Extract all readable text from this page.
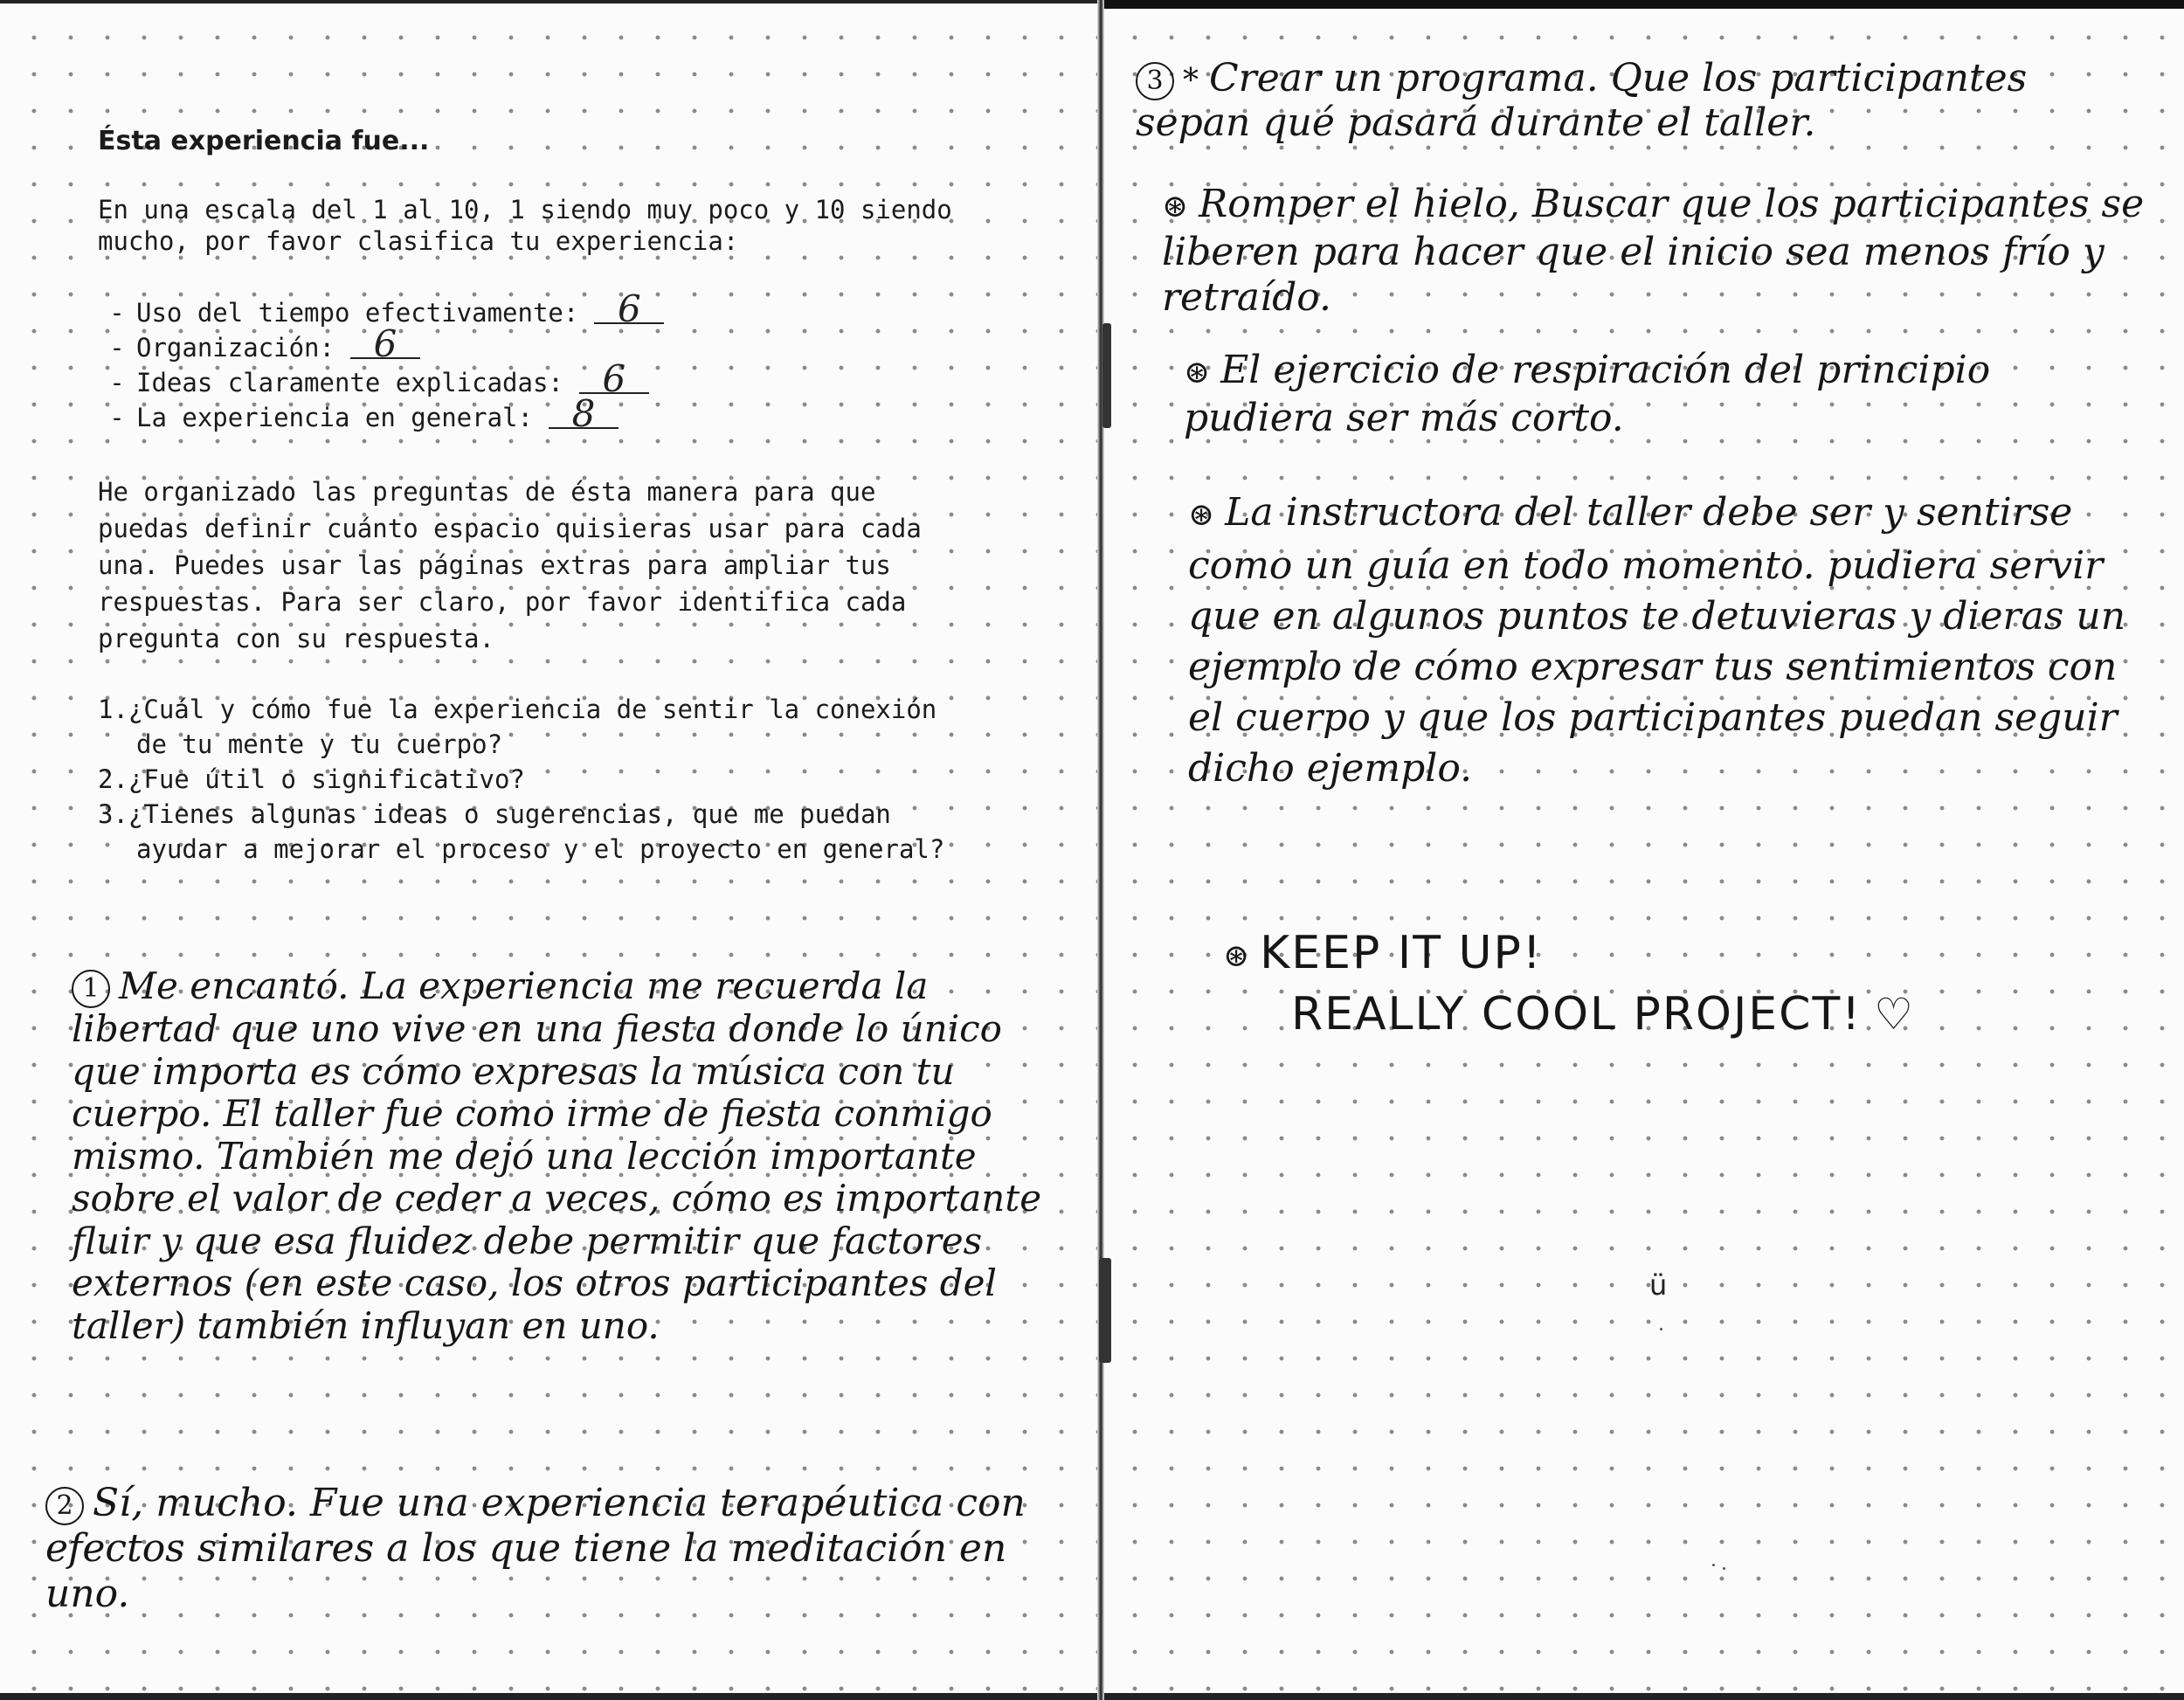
Ésta experiencia fue...
En una escala del 1 al 10, 1 siendo muy poco y 10 siendo mucho, por favor clasifica tu experiencia:
- Uso del tiempo efectivamente: 6
- Organización: 6
- Ideas claramente explicadas: 6
- La experiencia en general: 8
He organizado las preguntas de ésta manera para que puedas definir cuánto espacio quisieras usar para cada una. Puedes usar las páginas extras para ampliar tus respuestas. Para ser claro, por favor identifica cada pregunta con su respuesta.
1.¿Cuál y cómo fue la experiencia de sentir la conexión de tu mente y tu cuerpo?
2.¿Fue útil o significativo?
3.¿Tienes algunas ideas o sugerencias, que me puedan ayudar a mejorar el proceso y el proyecto en general?
1 Me encantó. La experiencia me recuerda la libertad que uno vive en una fiesta donde lo único que importa es cómo expresas la música con tu cuerpo. El taller fue como irme de fiesta conmigo mismo. También me dejó una lección importante sobre el valor de ceder a veces, cómo es importante fluir y que esa fluidez debe permitir que factores externos (en este caso, los otros participantes del taller) también influyan en uno.
2 Sí, mucho. Fue una experiencia terapéutica con efectos similares a los que tiene la meditación en uno.
3 * Crear un programa. Que los participantes sepan qué pasará durante el taller.
⊛ Romper el hielo, Buscar que los participantes se liberen para hacer que el inicio sea menos frío y retraído.
⊛ El ejercicio de respiración del principio pudiera ser más corto.
⊛ La instructora del taller debe ser y sentirse como un guía en todo momento. pudiera servir que en algunos puntos te detuvieras y dieras un ejemplo de cómo expresar tus sentimientos con el cuerpo y que los participantes puedan seguir dicho ejemplo.
⊛ KEEP IT UP!
REALLY COOL PROJECT! ♡
ü
